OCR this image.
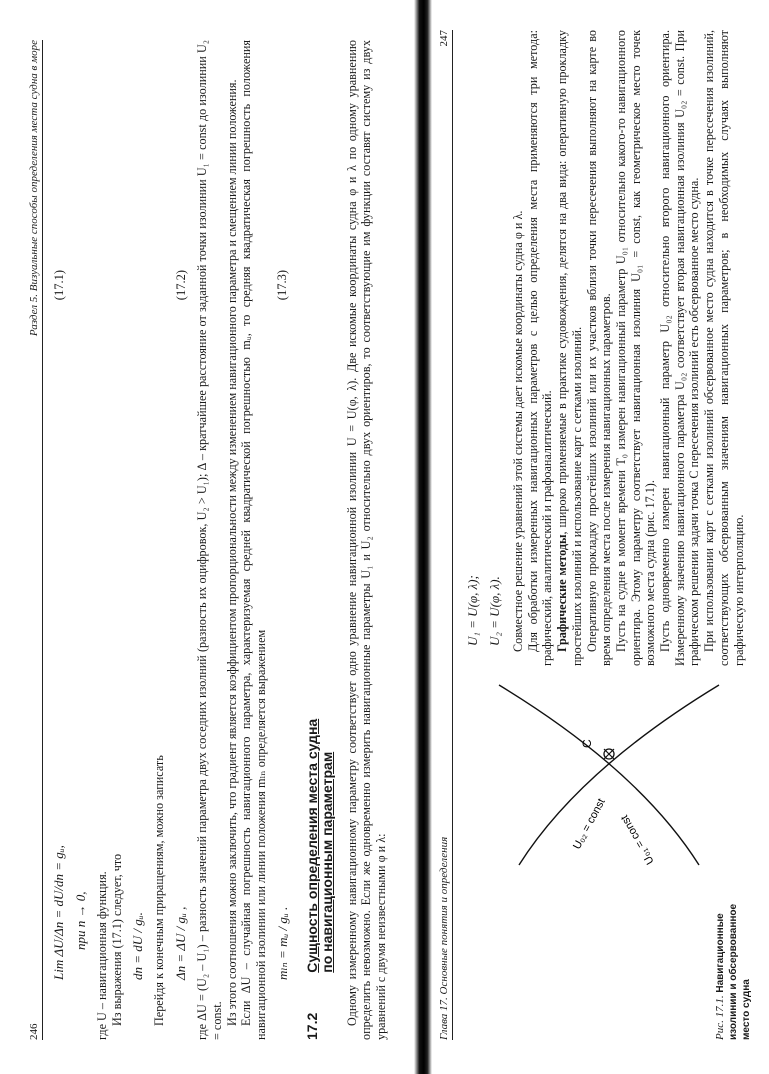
246
Раздел 5. Визуальные способы определения места судна в море
Lim ΔU/Δn = dU/dn = gᵤ,
(17.1)
при n → 0, где U – навигационная функция. Из выражения (17.1) следует, что dn = dU / gᵤ. Перейдя к конечным приращениям, можно записать Δn = ΔU / gᵤ ,
(17.2) где ΔU = (U₂ – U₁) – разность значений параметра двух соседних изолний (разность их оцифровок, U₂ > U₁); Δ – кратчайшее расстояние от заданной точки изолинии U₁ = const до изолинии U₂ = const. Из этого соотношения можно заключить, что градиент является коэффициентом пропорциональности между изменением навигационного параметра и смещением линии положения. Если ΔU – случайная погрешность навигационного параметра, характеризуемая средней квадратической погрешностью mᵤ, то средняя квадратическая погрешность положения навигационной изолинии или линии положения mₗₙ определяется выражением mₗₙ = mᵤ / gᵤ .
(17.3)
17.2
Сущность определения места судна
по навигационным параметрам Одному измеренному навигационному параметру соответствует одно уравнение навигационной изолинии U = U(φ, λ). Две искомые координаты судна φ и λ по одному уравнению определить невозможно. Если же одновременно измерить навигационные параметры U₁ и U₂ относительно двух ориентиров, то соответствующие им функции составят систему из двух уравнений с двумя неизвестными φ и λ:	Глава 17. Основные понятия и определения
247
Рис. 17.1. Навигационные изолинии и обсервованное место судна
C
U₀₂ = const U₀₁ = const
U₁ = U(φ, λ); U₂ = U(φ, λ). Совместное решение уравнений этой системы дает искомые координаты судна φ и λ. Для обработки измеренных навигационных параметров с целью определения места применяются три метода: графический, аналитический и графоаналитический. Графические методы, широко применяемые в практике судовождения, делятся на два вида: оперативную прокладку простейших изолиний и использование карт с сетками изолиний. Оперативную прокладку простейших изолиний или их участков вблизи точки пересечения выполняют на карте во время определения места после измерения навигационных параметров. Пусть на судне в момент времени T₀ измерен навигационный параметр U₀₁ относительно какого-то навигационного ориентира. Этому параметру соответствует навигационная изолиния U₀₁ = const, как геометрическое место точек возможного места судна (рис. 17.1). Пусть одновременно измерен навигационный параметр U₀₂ относительно второго навигационного ориентира. Измеренному значению навигационного параметра U₀₂ соответствует вторая навигационная изолиния U₀₂ = const. При графическом решении задачи точка C пересечения изолиний есть обсервованное место судна. При использовании карт с сетками изолиний обсервованное место судна находится в точке пересечения изолиний, соответствующих обсервованным значениям навигационных параметров; в необходимых случаях выполняют графическую интерполяцию.
